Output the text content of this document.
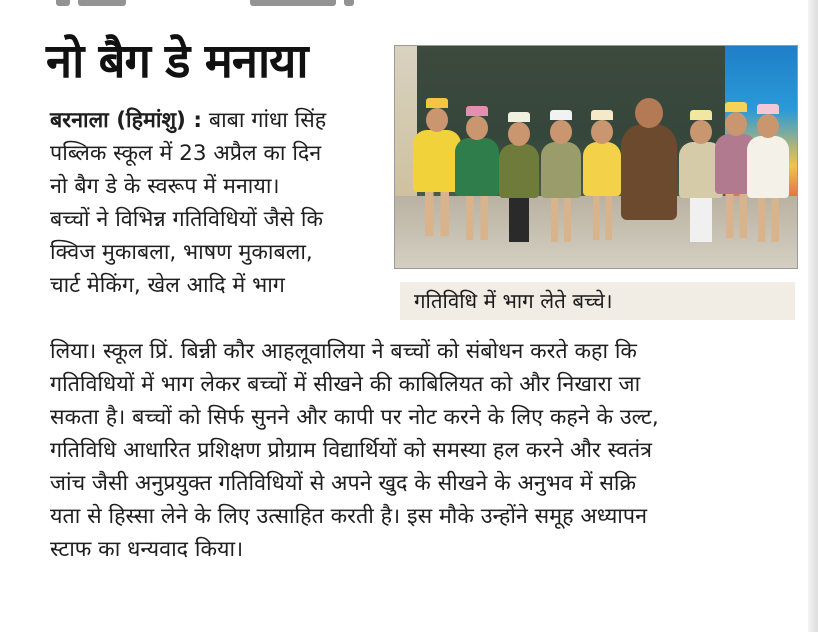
नो बैग डे मनाया
गतिविधि में भाग लेते बच्चे।
बरनाला (हिमांशु) : बाबा गांधा सिंह
पब्लिक स्कूल में 23 अप्रैल का दिन
नो बैग डे के स्वरूप में मनाया।
बच्चों ने विभिन्न गतिविधियों जैसे कि
क्विज मुकाबला, भाषण मुकाबला,
चार्ट मेकिंग, खेल आदि में भाग
लिया। स्कूल प्रिं. बिन्नी कौर आहलूवालिया ने बच्चों को संबोधन करते कहा कि
गतिविधियों में भाग लेकर बच्चों में सीखने की काबिलियत को और निखारा जा
सकता है। बच्चों को सिर्फ सुनने और कापी पर नोट करने के लिए कहने के उल्ट,
गतिविधि आधारित प्रशिक्षण प्रोग्राम विद्यार्थियों को समस्या हल करने और स्वतंत्र
जांच जैसी अनुप्रयुक्त गतिविधियों से अपने खुद के सीखने के अनुभव में सक्रि
यता से हिस्सा लेने के लिए उत्साहित करती है। इस मौके उन्होंने समूह अध्यापन
स्टाफ का धन्यवाद किया।
